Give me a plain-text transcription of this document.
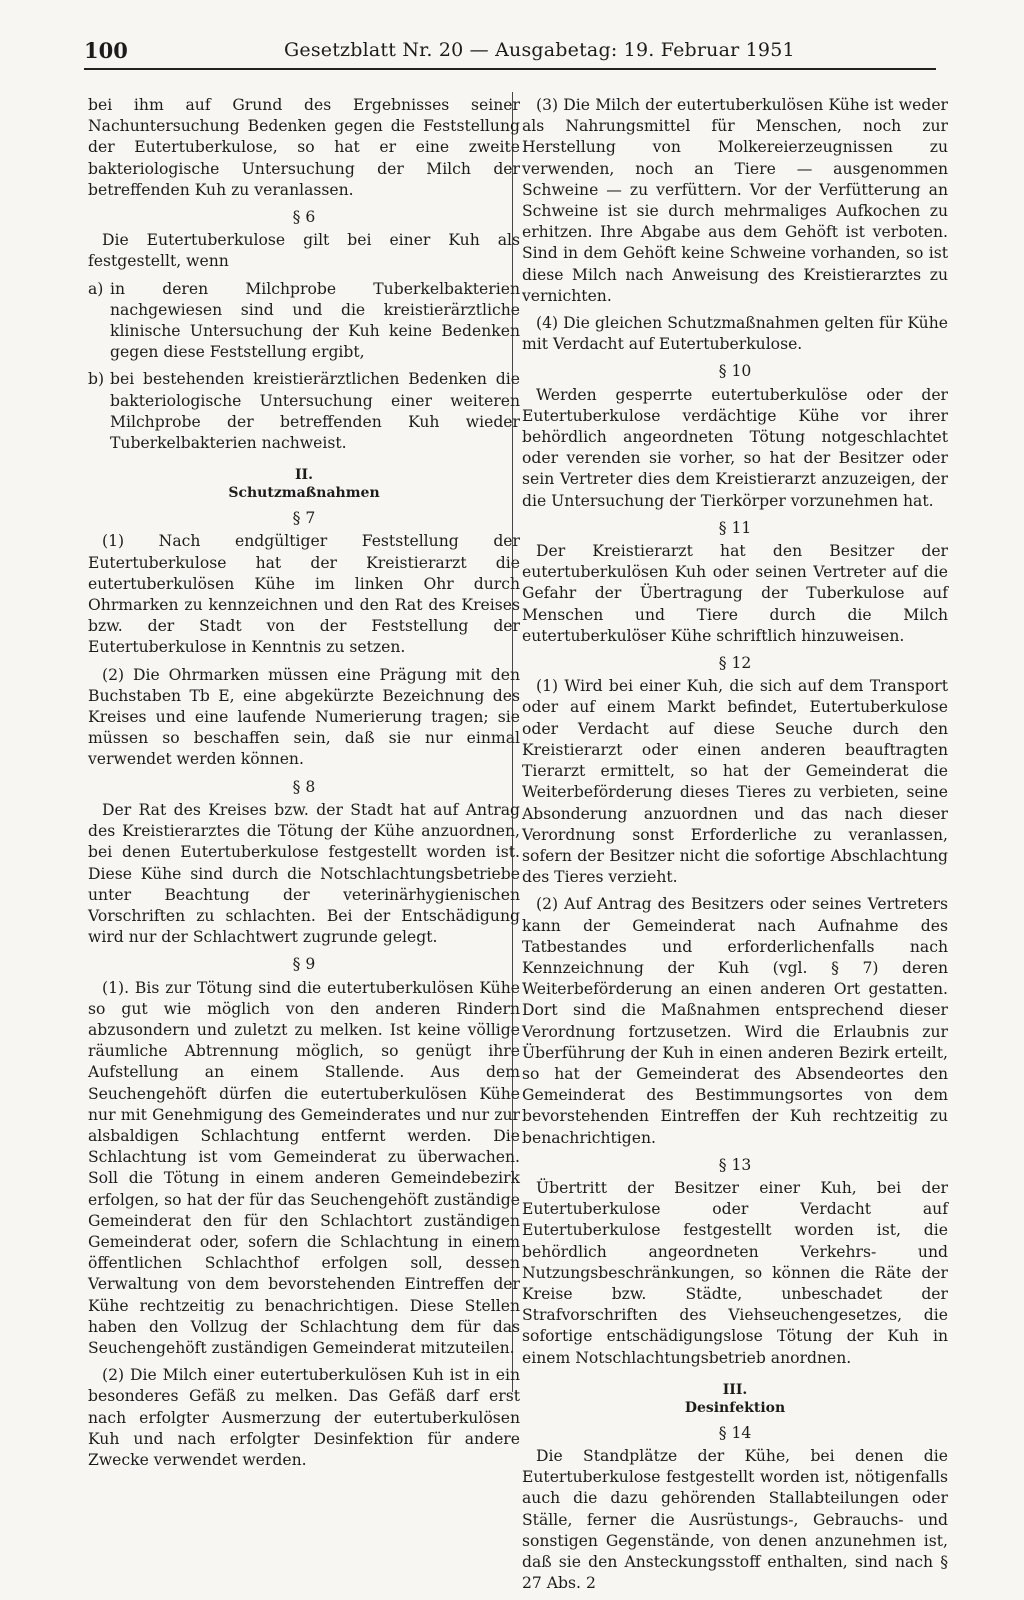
100	Gesetzblatt Nr. 20 — Ausgabetag: 19. Februar 1951

bei ihm auf Grund des Ergebnisses seiner Nachuntersuchung Bedenken gegen die Feststellung der Eutertuberkulose, so hat er eine zweite bakteriologische Untersuchung der Milch der betreffenden Kuh zu veranlassen.

§ 6

Die Eutertuberkulose gilt bei einer Kuh als festgestellt, wenn

a) in deren Milchprobe Tuberkelbakterien nachgewiesen sind und die kreistierärztliche klinische Untersuchung der Kuh keine Bedenken gegen diese Feststellung ergibt,
b) bei bestehenden kreistierärztlichen Bedenken die bakteriologische Untersuchung einer weiteren Milchprobe der betreffenden Kuh wieder Tuberkelbakterien nachweist.
II.
Schutzmaßnahmen
§ 7

(1) Nach endgültiger Feststellung der Eutertuberkulose hat der Kreistierarzt die eutertuberkulösen Kühe im linken Ohr durch Ohrmarken zu kennzeichnen und den Rat des Kreises bzw. der Stadt von der Feststellung der Eutertuberkulose in Kenntnis zu setzen.

(2) Die Ohrmarken müssen eine Prägung mit den Buchstaben Tb E, eine abgekürzte Bezeichnung des Kreises und eine laufende Numerierung tragen; sie müssen so beschaffen sein, daß sie nur einmal verwendet werden können.

§ 8

Der Rat des Kreises bzw. der Stadt hat auf Antrag des Kreistierarztes die Tötung der Kühe anzuordnen, bei denen Eutertuberkulose festgestellt worden ist. Diese Kühe sind durch die Notschlachtungsbetriebe unter Beachtung der veterinärhygienischen Vorschriften zu schlachten. Bei der Entschädigung wird nur der Schlachtwert zugrunde gelegt.

§ 9

(1). Bis zur Tötung sind die eutertuberkulösen Kühe so gut wie möglich von den anderen Rindern abzusondern und zuletzt zu melken. Ist keine völlige räumliche Abtrennung möglich, so genügt ihre Aufstellung an einem Stallende. Aus dem Seuchengehöft dürfen die eutertuberkulösen Kühe nur mit Genehmigung des Gemeinderates und nur zur alsbaldigen Schlachtung entfernt werden. Die Schlachtung ist vom Gemeinderat zu überwachen. Soll die Tötung in einem anderen Gemeindebezirk erfolgen, so hat der für das Seuchengehöft zuständige Gemeinderat den für den Schlachtort zuständigen Gemeinderat oder, sofern die Schlachtung in einem öffentlichen Schlachthof erfolgen soll, dessen Verwaltung von dem bevorstehenden Eintreffen der Kühe rechtzeitig zu benachrichtigen. Diese Stellen haben den Vollzug der Schlachtung dem für das Seuchengehöft zuständigen Gemeinderat mitzuteilen.

(2) Die Milch einer eutertuberkulösen Kuh ist in ein besonderes Gefäß zu melken. Das Gefäß darf erst nach erfolgter Ausmerzung der eutertuberkulösen Kuh und nach erfolgter Desinfektion für andere Zwecke verwendet werden.

(3) Die Milch der eutertuberkulösen Kühe ist weder als Nahrungsmittel für Menschen, noch zur Herstellung von Molkereierzeugnissen zu verwenden, noch an Tiere — ausgenommen Schweine — zu verfüttern. Vor der Verfütterung an Schweine ist sie durch mehrmaliges Aufkochen zu erhitzen. Ihre Abgabe aus dem Gehöft ist verboten. Sind in dem Gehöft keine Schweine vorhanden, so ist diese Milch nach Anweisung des Kreistierarztes zu vernichten.

(4) Die gleichen Schutzmaßnahmen gelten für Kühe mit Verdacht auf Eutertuberkulose.

§ 10

Werden gesperrte eutertuberkulöse oder der Eutertuberkulose verdächtige Kühe vor ihrer behördlich angeordneten Tötung notgeschlachtet oder verenden sie vorher, so hat der Besitzer oder sein Vertreter dies dem Kreistierarzt anzuzeigen, der die Untersuchung der Tierkörper vorzunehmen hat.

§ 11

Der Kreistierarzt hat den Besitzer der eutertuberkulösen Kuh oder seinen Vertreter auf die Gefahr der Übertragung der Tuberkulose auf Menschen und Tiere durch die Milch eutertuberkulöser Kühe schriftlich hinzuweisen.

§ 12

(1) Wird bei einer Kuh, die sich auf dem Transport oder auf einem Markt befindet, Eutertuberkulose oder Verdacht auf diese Seuche durch den Kreistierarzt oder einen anderen beauftragten Tierarzt ermittelt, so hat der Gemeinderat die Weiterbeförderung dieses Tieres zu verbieten, seine Absonderung anzuordnen und das nach dieser Verordnung sonst Erforderliche zu veranlassen, sofern der Besitzer nicht die sofortige Abschlachtung des Tieres verzieht.

(2) Auf Antrag des Besitzers oder seines Vertreters kann der Gemeinderat nach Aufnahme des Tatbestandes und erforderlichenfalls nach Kennzeichnung der Kuh (vgl. § 7) deren Weiterbeförderung an einen anderen Ort gestatten. Dort sind die Maßnahmen entsprechend dieser Verordnung fortzusetzen. Wird die Erlaubnis zur Überführung der Kuh in einen anderen Bezirk erteilt, so hat der Gemeinderat des Absendeortes den Gemeinderat des Bestimmungsortes von dem bevorstehenden Eintreffen der Kuh rechtzeitig zu benachrichtigen.

§ 13

Übertritt der Besitzer einer Kuh, bei der Eutertuberkulose oder Verdacht auf Eutertuberkulose festgestellt worden ist, die behördlich angeordneten Verkehrs- und Nutzungsbeschränkungen, so können die Räte der Kreise bzw. Städte, unbeschadet der Strafvorschriften des Viehseuchengesetzes, die sofortige entschädigungslose Tötung der Kuh in einem Notschlachtungsbetrieb anordnen.

III.
Desinfektion
§ 14

Die Standplätze der Kühe, bei denen die Eutertuberkulose festgestellt worden ist, nötigenfalls auch die dazu gehörenden Stallabteilungen oder Ställe, ferner die Ausrüstungs-, Gebrauchs- und sonstigen Gegenstände, von denen anzunehmen ist, daß sie den Ansteckungsstoff enthalten, sind nach § 27 Abs. 2
